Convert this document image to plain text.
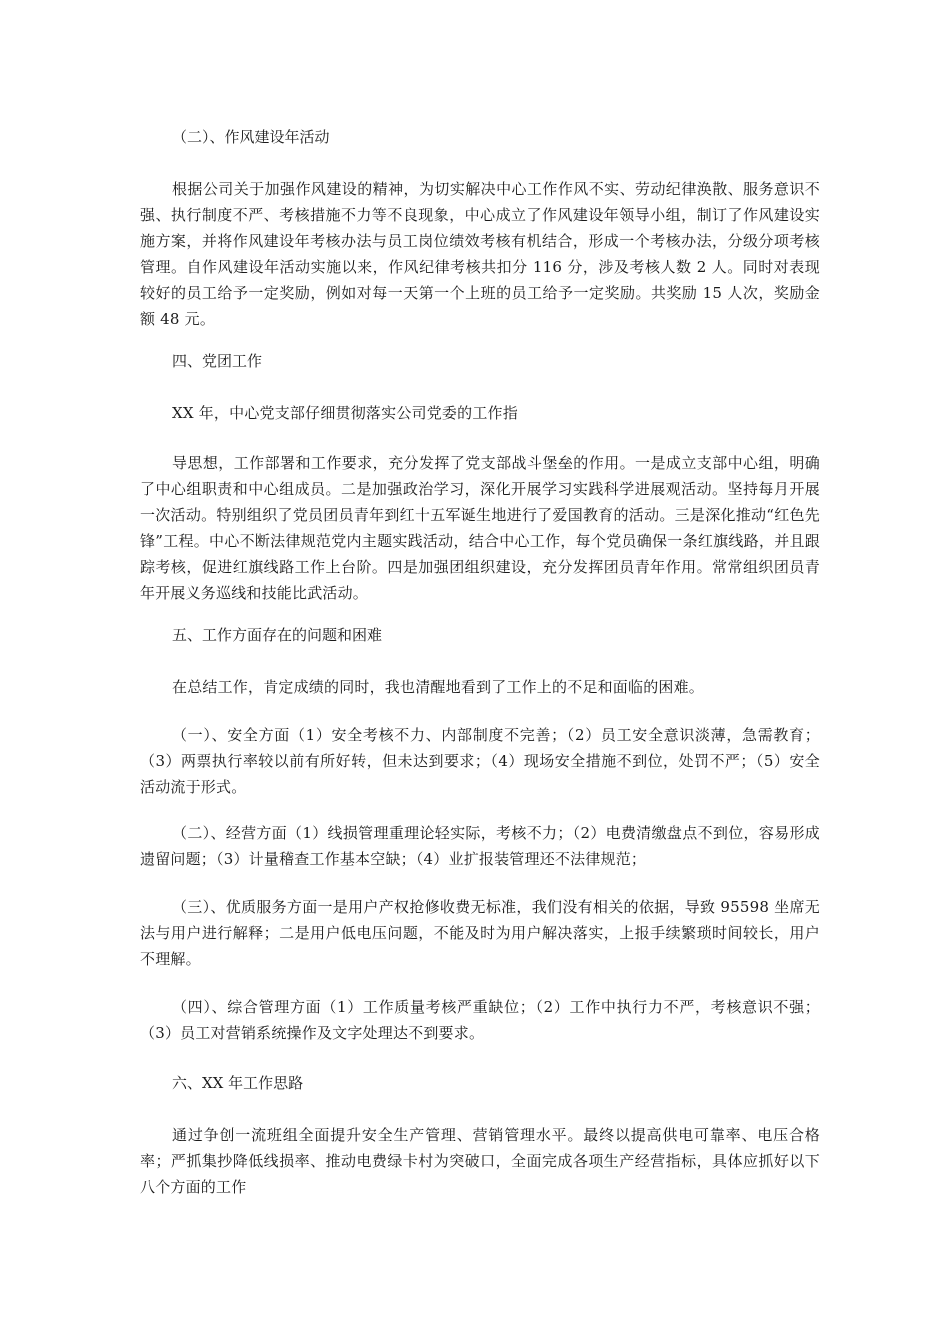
（二）、作风建设年活动
根据公司关于加强作风建设的精神，为切实解决中心工作作风不实、劳动纪律涣散、服务意识不强、执行制度不严、考核措施不力等不良现象，中心成立了作风建设年领导小组，制订了作风建设实施方案，并将作风建设年考核办法与员工岗位绩效考核有机结合，形成一个考核办法，分级分项考核管理。自作风建设年活动实施以来，作风纪律考核共扣分 116 分，涉及考核人数 2 人。同时对表现较好的员工给予一定奖励，例如对每一天第一个上班的员工给予一定奖励。共奖励 15 人次，奖励金额 48 元。
四、党团工作
XX 年，中心党支部仔细贯彻落实公司党委的工作指
导思想，工作部署和工作要求，充分发挥了党支部战斗堡垒的作用。一是成立支部中心组，明确了中心组职责和中心组成员。二是加强政治学习，深化开展学习实践科学进展观活动。坚持每月开展一次活动。特别组织了党员团员青年到红十五军诞生地进行了爱国教育的活动。三是深化推动“红色先锋”工程。中心不断法律规范党内主题实践活动，结合中心工作，每个党员确保一条红旗线路，并且跟踪考核，促进红旗线路工作上台阶。四是加强团组织建设，充分发挥团员青年作用。常常组织团员青年开展义务巡线和技能比武活动。
五、工作方面存在的问题和困难
在总结工作，肯定成绩的同时，我也清醒地看到了工作上的不足和面临的困难。
（一）、安全方面（1）安全考核不力、内部制度不完善；（2）员工安全意识淡薄，急需教育；（3）两票执行率较以前有所好转，但未达到要求；（4）现场安全措施不到位，处罚不严；（5）安全活动流于形式。
（二）、经营方面（1）线损管理重理论轻实际，考核不力；（2）电费清缴盘点不到位，容易形成遗留问题；（3）计量稽查工作基本空缺；（4）业扩报装管理还不法律规范；
（三）、优质服务方面一是用户产权抢修收费无标准，我们没有相关的依据，导致 95598 坐席无法与用户进行解释；二是用户低电压问题，不能及时为用户解决落实，上报手续繁琐时间较长，用户不理解。
（四）、综合管理方面（1）工作质量考核严重缺位；（2）工作中执行力不严，考核意识不强；（3）员工对营销系统操作及文字处理达不到要求。
六、XX 年工作思路
通过争创一流班组全面提升安全生产管理、营销管理水平。最终以提高供电可靠率、电压合格率；严抓集抄降低线损率、推动电费绿卡村为突破口，全面完成各项生产经营指标，具体应抓好以下八个方面的工作
